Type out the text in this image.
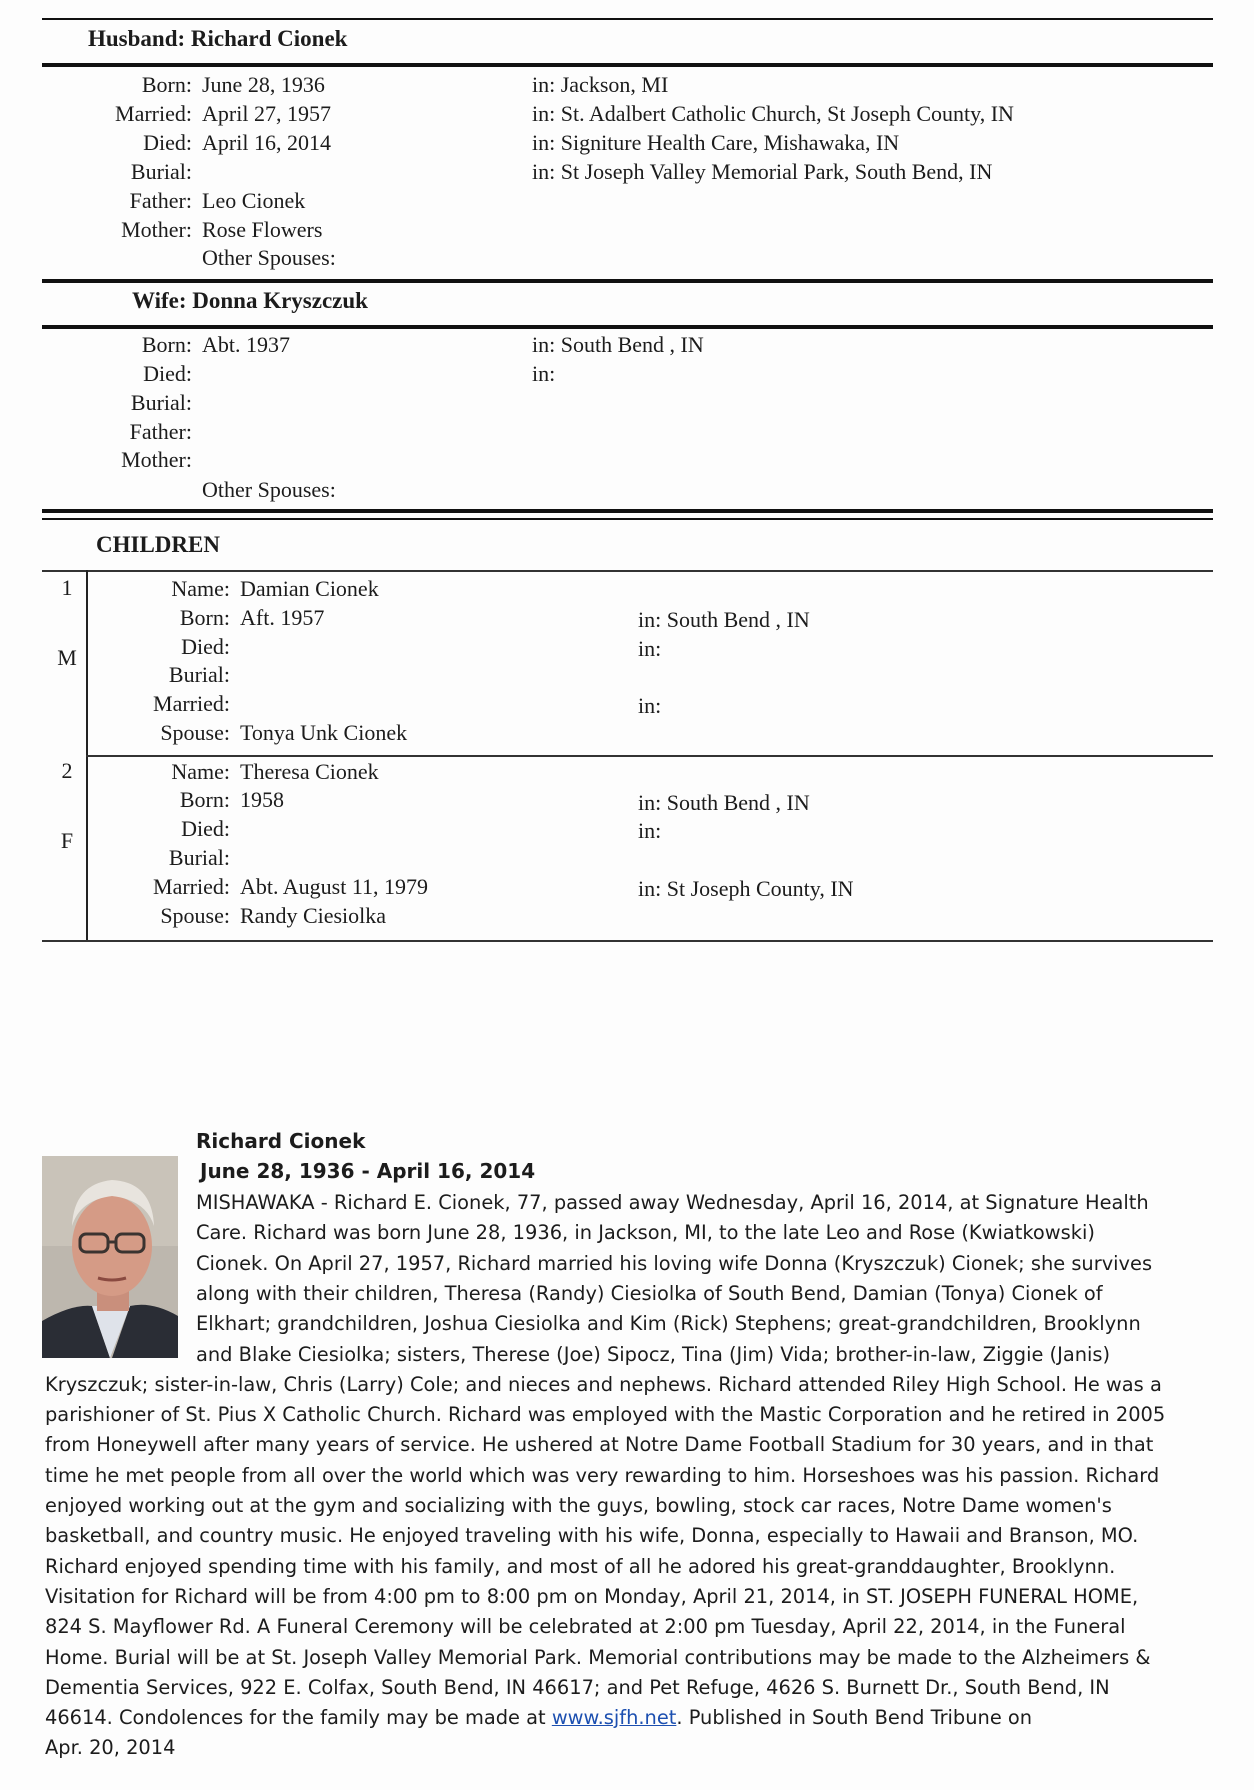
Husband: Richard Cionek
Born: June 28, 1936	in: Jackson, MI
Married: April 27, 1957	in: St. Adalbert Catholic Church, St Joseph County, IN
Died: April 16, 2014	in: Signiture Health Care, Mishawaka, IN
Burial:	in: St Joseph Valley Memorial Park, South Bend, IN
Father: Leo Cionek
Mother: Rose Flowers
Other Spouses:
Wife: Donna Kryszczuk
Born: Abt. 1937	in: South Bend , IN
Died:	in:
Burial:
Father:
Mother:
Other Spouses:
CHILDREN
1
M
Name: Damian Cionek
Born: Aft. 1957	in: South Bend , IN
Died:	in:
Burial:
Married:	in:
Spouse: Tonya Unk Cionek
2
F
Name: Theresa Cionek
Born: 1958	in: South Bend , IN
Died:	in:
Burial:
Married: Abt. August 11, 1979	in: St Joseph County, IN
Spouse: Randy Ciesiolka
Richard Cionek
June 28, 1936 - April 16, 2014
MISHAWAKA - Richard E. Cionek, 77, passed away Wednesday, April 16, 2014, at Signature Health
Care. Richard was born June 28, 1936, in Jackson, MI, to the late Leo and Rose (Kwiatkowski)
Cionek. On April 27, 1957, Richard married his loving wife Donna (Kryszczuk) Cionek; she survives
along with their children, Theresa (Randy) Ciesiolka of South Bend, Damian (Tonya) Cionek of
Elkhart; grandchildren, Joshua Ciesiolka and Kim (Rick) Stephens; great-grandchildren, Brooklynn
and Blake Ciesiolka; sisters, Therese (Joe) Sipocz, Tina (Jim) Vida; brother-in-law, Ziggie (Janis)
Kryszczuk; sister-in-law, Chris (Larry) Cole; and nieces and nephews. Richard attended Riley High School. He was a
parishioner of St. Pius X Catholic Church. Richard was employed with the Mastic Corporation and he retired in 2005
from Honeywell after many years of service. He ushered at Notre Dame Football Stadium for 30 years, and in that
time he met people from all over the world which was very rewarding to him. Horseshoes was his passion. Richard
enjoyed working out at the gym and socializing with the guys, bowling, stock car races, Notre Dame women's
basketball, and country music. He enjoyed traveling with his wife, Donna, especially to Hawaii and Branson, MO.
Richard enjoyed spending time with his family, and most of all he adored his great-granddaughter, Brooklynn.
Visitation for Richard will be from 4:00 pm to 8:00 pm on Monday, April 21, 2014, in ST. JOSEPH FUNERAL HOME,
824 S. Mayflower Rd. A Funeral Ceremony will be celebrated at 2:00 pm Tuesday, April 22, 2014, in the Funeral
Home. Burial will be at St. Joseph Valley Memorial Park. Memorial contributions may be made to the Alzheimers &
Dementia Services, 922 E. Colfax, South Bend, IN 46617; and Pet Refuge, 4626 S. Burnett Dr., South Bend, IN
46614. Condolences for the family may be made at www.sjfh.net. Published in South Bend Tribune on
Apr. 20, 2014
